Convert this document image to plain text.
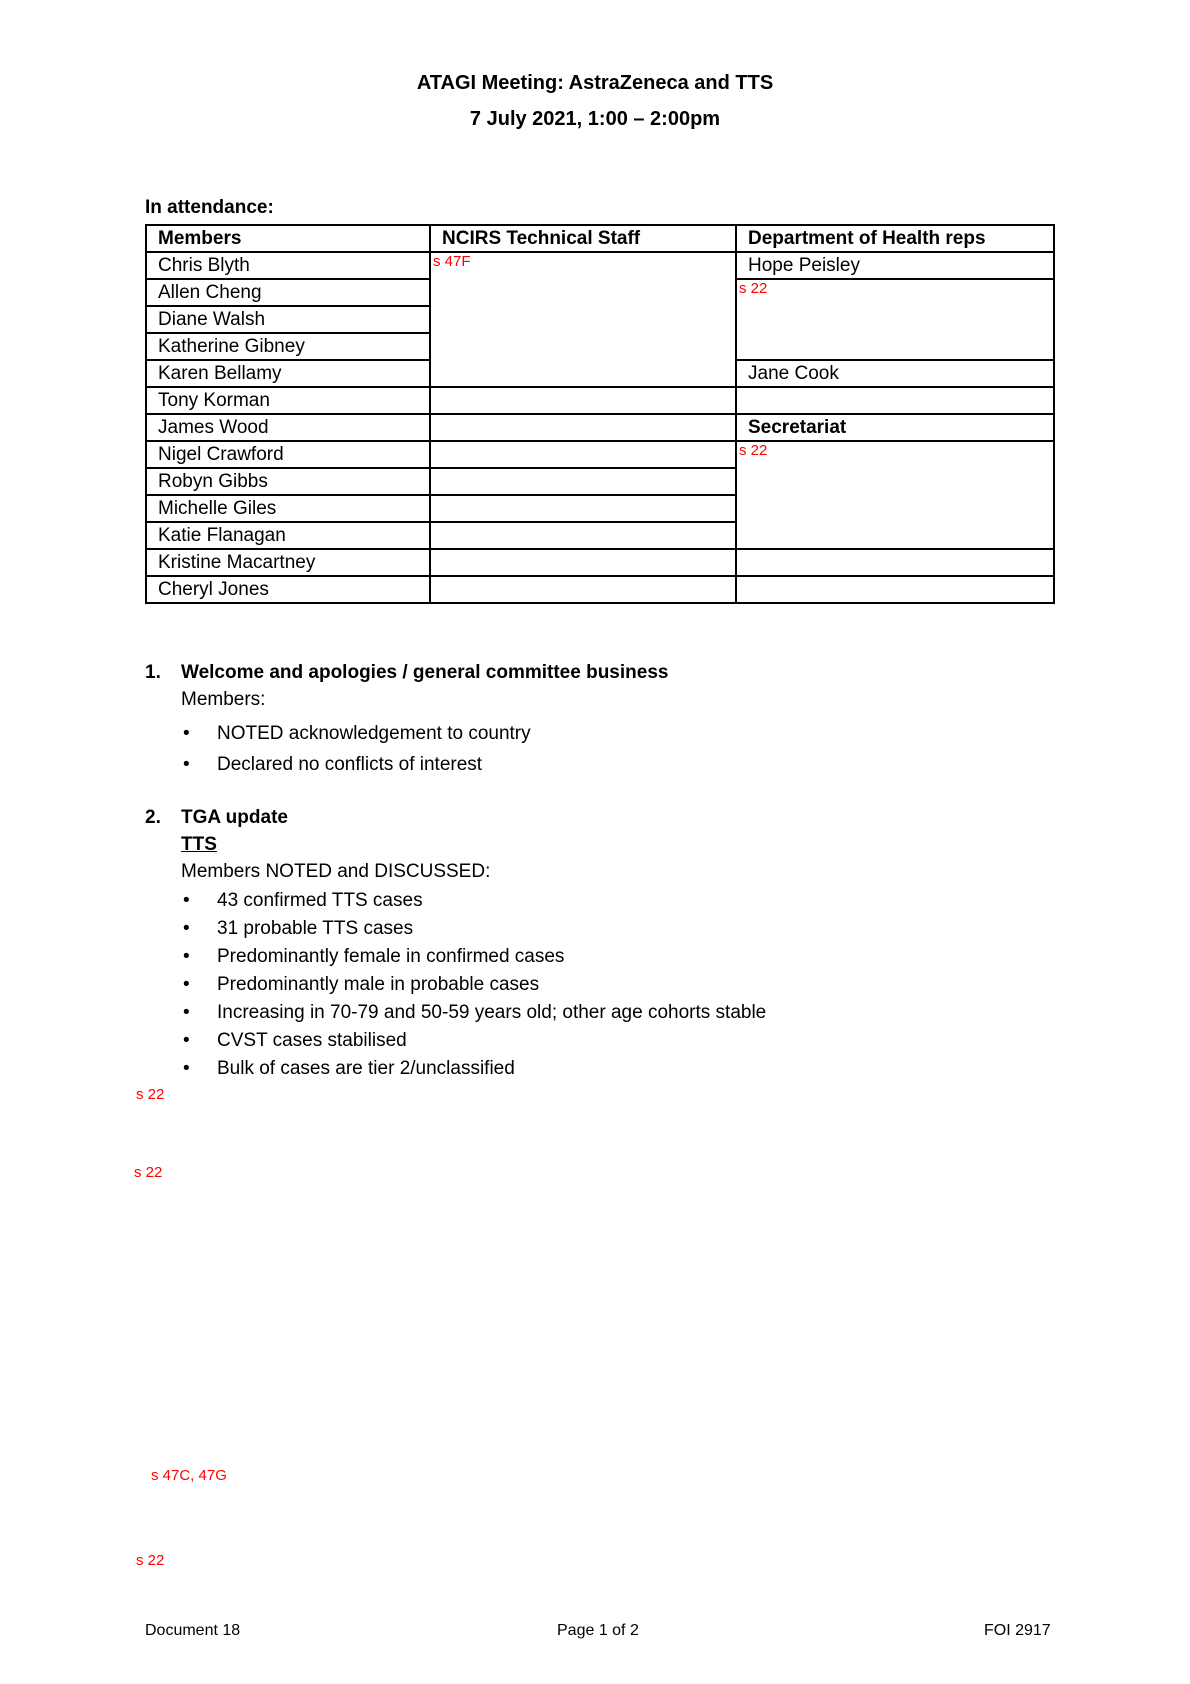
ATAGI Meeting: AstraZeneca and TTS
7 July 2021, 1:00 – 2:00pm
In attendance:
Members	NCIRS Technical Staff	Department of Health reps
Chris Blyth	s 47F	Hope Peisley
Allen Cheng		s 22

Diane Walsh		
Katherine Gibney		
Karen Bellamy		Jane Cook
Tony Korman		
James Wood		Secretariat
Nigel Crawford		s 22

Robyn Gibbs		
Michelle Giles		
Katie Flanagan		
Kristine Macartney		
Cheryl Jones		
1. Welcome and apologies / general committee business
Members:
• NOTED acknowledgement to country
• Declared no conflicts of interest
2. TGA update
TTS
Members NOTED and DISCUSSED:
• 43 confirmed TTS cases
• 31 probable TTS cases
• Predominantly female in confirmed cases
• Predominantly male in probable cases
• Increasing in 70-79 and 50-59 years old; other age cohorts stable
• CVST cases stabilised
• Bulk of cases are tier 2/unclassified
s 22
s 22
s 47C, 47G
s 22
Document 18	Page 1 of 2	FOI 2917
